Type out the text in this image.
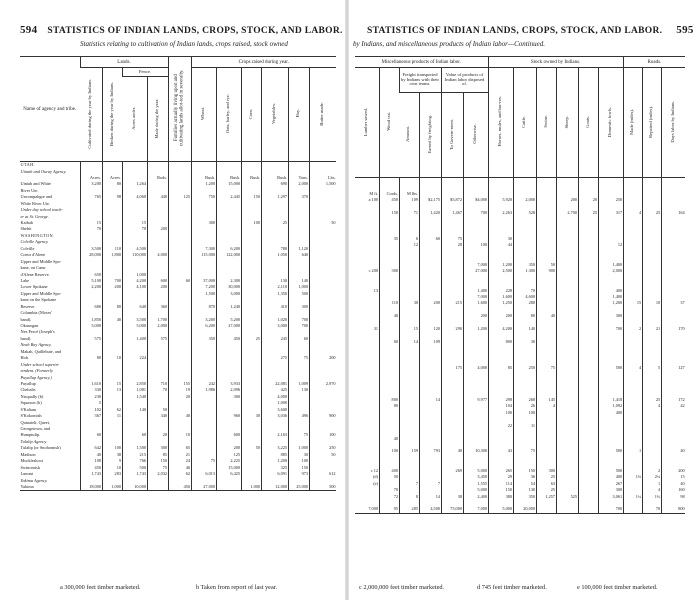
594 STATISTICS OF INDIAN LANDS, CROPS, STOCK, AND LABOR.
Statistics relating to cultivation of Indian lands, crops raised, stock owned
Name of agency and tribe.	Lands.				Families actually living upon and cultivating lands allot-ted in severalty.	Crops raised during year.					
	Cultivated during the year by Indians.	Broken during the year by Indians.	Fence.			Wheat.	Oats, barley, and rye.	Corn.	Vegetables.	Hay.	Butter made.
			Acres under.	Made during the year.							
UTAH.											
Uintah and Ouray Agency.											
	Acres.	Acres.		Rods.		Bush.	Bush.	Bush.	Bush.	Tons.	Lbs.
Uintah and White	3,200	80	1,264			1,200	15,000		690	2,000	1,500
River Ute.											
Uncompahgre and	765	98	4,060	440	125	750	2,445	150	1,297	370	
White River Ute.											
Under day school teach-											
er at St. George.											
Kaibab	15		15			300		100	25		50
Shebit	70		70	200							
WASHINGTON.											
Colville Agency.											
Colville	3,500	110	4,500			7,300	6,200		780	1,120	
Coeur d'Alene	28,000	1,800	110,000	4,000		115,000	122,000		1,050	640	
Upper and Middle Spo-											
kane, on Cœur											
d'Alene Reserve.	650		1,000								
Lake	5,100	700	4,200	600	60	37,000	2,300		130	140	
Lower Spokane	2,200	200	4,100	200		7,200	30,000		2,110	1,000	
Upper and Middle Spo-						1,500	3,000		1,350	500	
kane on the Spokane											
Reserve.	680	80	640	360		870	1,240		410	300	
Columbia (Moses'											
band).	1,850	40	3,500	1,700		3,200	5,200		1,020	700	
Okanogan	5,000		5,000	2,000		6,200	27,000		3,000	700	
Nez Percé (Joseph's											
band).	575		1,400	575		350	450	25	245	60	
Neah Bay Agency.											
Makah, Quillehute, and											
Hoh.	80	10	224						275	75	200
Under school superin-											
tendent. (Formerly											
Puyallup Agency.)											
Puyallup	1,610	15	2,850	710	155	242	3,933		22,081	1,009	2,970
Chehalis	330	13	1,081	70	19	1,986	2,096		425	130	
Nisqually (b)	230		1,540		20		300		4,000		
Squaxon (b)	5								1,000		
S'Kaliam	102	62	140	50					3,600		
S'Kokomish	367	11		340	40		960	30	3,036	496	900
Quinaielt, Queet,											
Georgetown, and											
Humptulip.	60		60	20	10		600		2,163	75	100
Tulalip Agency.											
Tulalip (or Snohomish)	642	100	1,500	300	65		200	50	3,225	1,000	250
Madison	40	38	215	85	21		125		885	30	50
Muckleshoot	108	9	766	150	24	75	2,225		1,200	100	
Swinomish	450	10	500	75	46		15,000		325	150	
Lummi	1,743	283	1,743	2,032	62	6,013	6,425		6,091	973	612
Yakima Agency.											
Yakima	18,000	1,000	10,000		450	27,000		1,000	12,000	25,000	500
a 300,000 feet timber marketed.	b Taken from report of last year.
STATISTICS OF INDIAN LANDS, CROPS, STOCK, AND LABOR. 595
by Indians, and miscellaneous products of Indian labor—Continued.
Miscellaneous products of Indian labor.						Stock owned by Indians.						Roads.		
Lumber sawed.	Wood cut.	Freight transported by Indians with their own teams.		Value of products of Indian labor disposed of.		Horses, mules, and bur-ros.	Cattle.	Swine.	Sheep.	Goats.	Domestic fowls.	Made (miles).	Repaired (miles).	Days labor by Indians.
		Amount.	Earned by freighting.	To Govern-ment.	Otherwise.									

M ft.	Cords.	M lbs.												
a 100	450	109	$2,175	$5,872	$4,000	5,920	2,000		200	20	250			

	150	71	1,420	1,467	700	2,263	528		2,700	25	317	4	25	164

	35	6	60	75		30								
		12		28	100	44					12			

					7,000	1,200	350	50			1,400			
c 200	300				27,000	2,500	1,300	900			2,000			

13					1,400	228	70				400			
					7,000	1,600	4,600				1,400			
	110	30	200	215	1,600	1,250	280				1,200	15	10	37

	40				200	200	80	40			300			

31		15	120	290	1,200	4,200	140				700	2	21	170

	60	14	109			800	30							

				175	4,000	85	250	75			500	4	5	127

	800		14		9,977	298	268	145			1,418		25	172
	80					104	26	4			1,092		4	42
						100	100				400			

						22	11							

	40													

	100	159	793	40	10,300	43	75				500	1		40

c 12	400			269	5,000	265	150	300			500		2	200
(d)	50				3,450	29	36	25			400	1¾	2¼	15
(e)		7	7		1,555	114	54	63			267		1	40
	70				5,000	150	130	25			300		4	160
	72	8	14	38	2,400	380	350	1,257	525		3,061	1¼	1¾	98

7,000	95	285	4,500	75,000	7,000	5,000	20,000				700		70	800
c 2,000,000 feet timber marketed.	d 745 feet timber marketed.	e 100,000 feet timber marketed.
